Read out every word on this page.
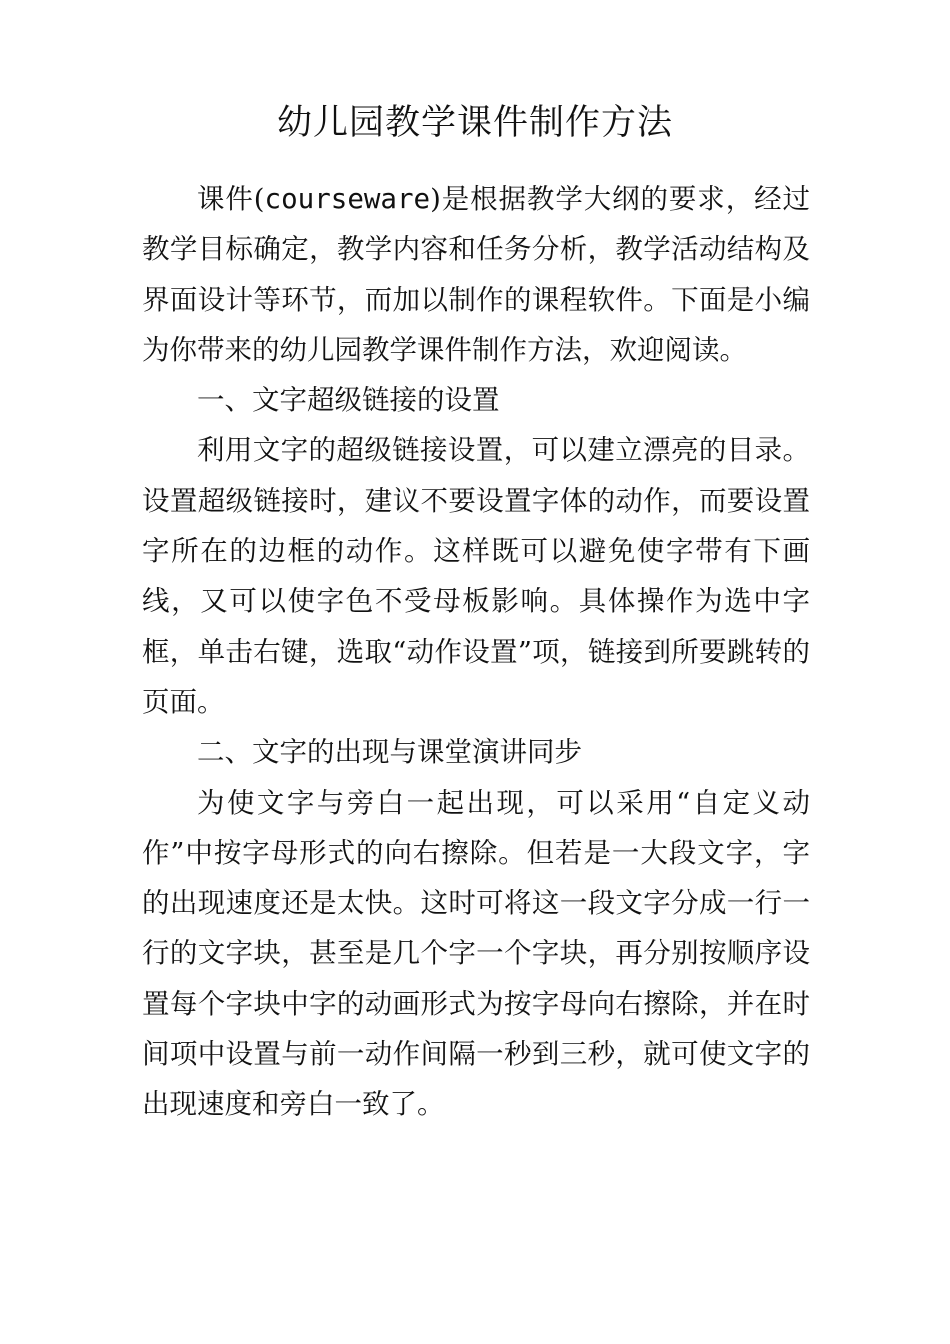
幼儿园教学课件制作方法

课件(courseware)是根据教学大纲的要求，经过教学目标确定，教学内容和任务分析，教学活动结构及界面设计等环节，而加以制作的课程软件。下面是小编为你带来的幼儿园教学课件制作方法，欢迎阅读。

一、文字超级链接的设置

利用文字的超级链接设置，可以建立漂亮的目录。设置超级链接时，建议不要设置字体的动作，而要设置字所在的边框的动作。这样既可以避免使字带有下画线，又可以使字色不受母板影响。具体操作为选中字框，单击右键，选取“动作设置”项，链接到所要跳转的页面。

二、文字的出现与课堂演讲同步

为使文字与旁白一起出现，可以采用“自定义动作”中按字母形式的向右擦除。但若是一大段文字，字的出现速度还是太快。这时可将这一段文字分成一行一行的文字块，甚至是几个字一个字块，再分别按顺序设置每个字块中字的动画形式为按字母向右擦除，并在时间项中设置与前一动作间隔一秒到三秒，就可使文字的出现速度和旁白一致了。
